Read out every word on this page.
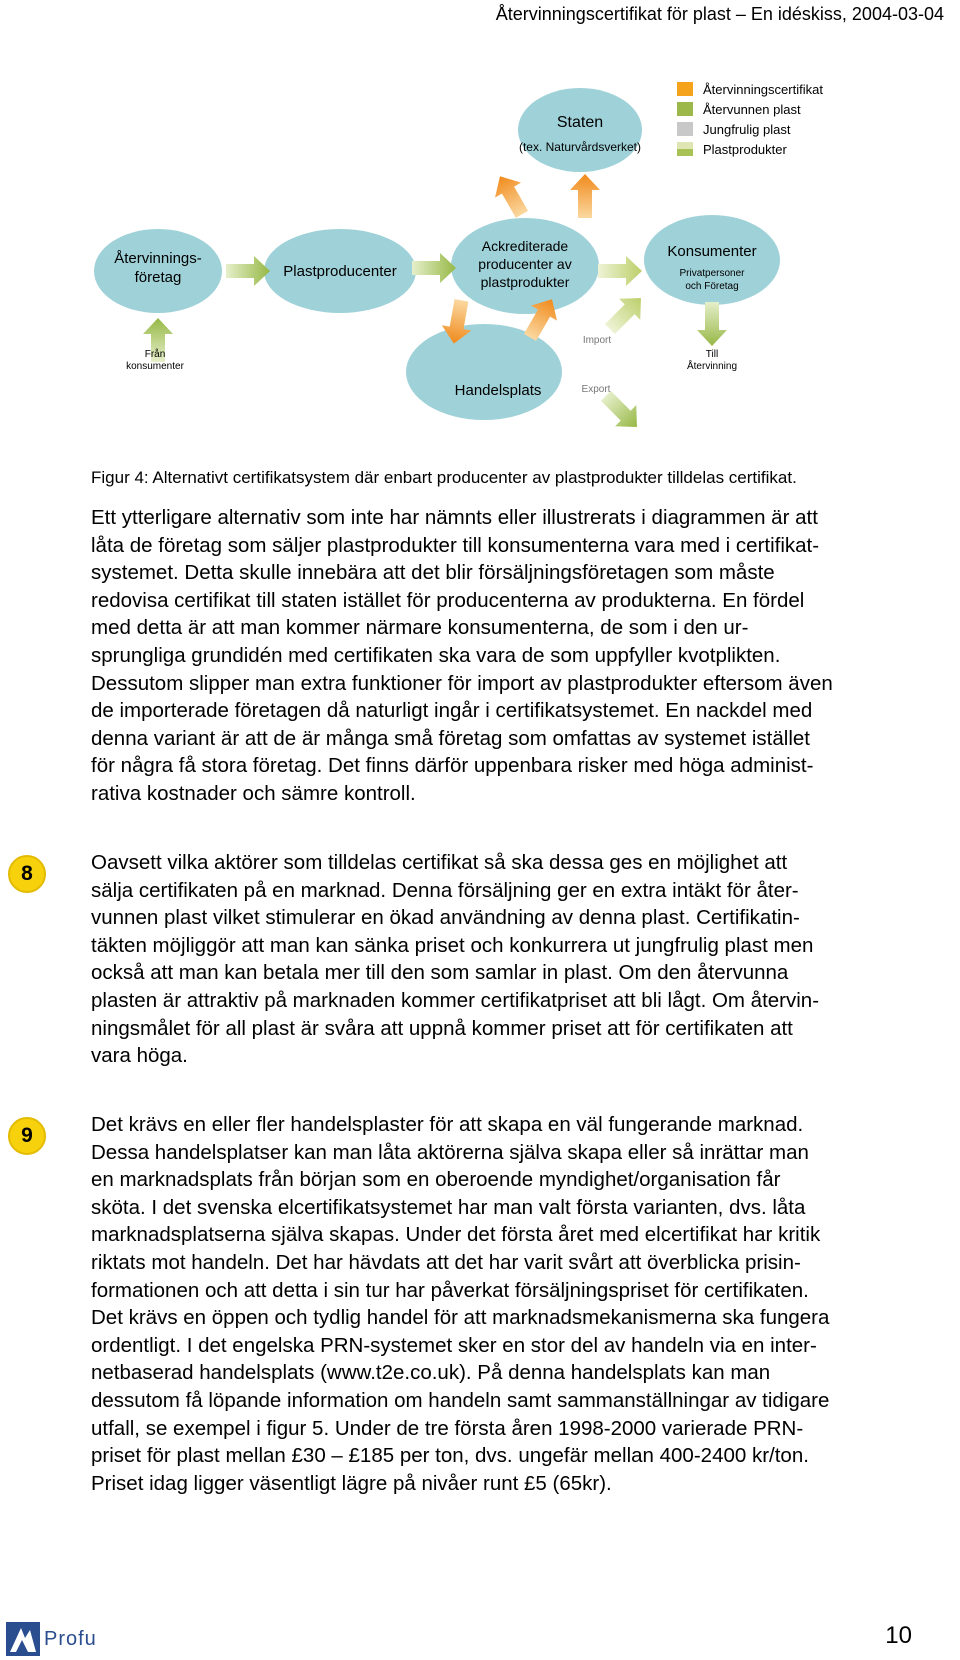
Återvinningscertifikat för plast – En idéskiss, 2004-03-04
Staten
(tex. Naturvårdsverket)
Återvinningscertifikat
Återvunnen plast
Jungfrulig plast
Plastprodukter
Återvinnings-
företag	Plastproducenter
Ackrediterade
producenter av
plastprodukter
Konsumenter
Privatpersoner
och Företag
Handelsplats
Från
konsumenter
Till
Återvinning
Import
Export
Figur 4: Alternativt certifikatsystem där enbart producenter av plastprodukter tilldelas certifikat.

Ett ytterligare alternativ som inte har nämnts eller illustrerats i diagrammen är att

låta de företag som säljer plastprodukter till konsumenterna vara med i certifikat-

systemet. Detta skulle innebära att det blir försäljningsföretagen som måste

redovisa certifikat till staten istället för producenterna av produkterna. En fördel

med detta är att man kommer närmare konsumenterna, de som i den ur-

sprungliga grundidén med certifikaten ska vara de som uppfyller kvotplikten.

Dessutom slipper man extra funktioner för import av plastprodukter eftersom även

de importerade företagen då naturligt ingår i certifikatsystemet. En nackdel med

denna variant är att de är många små företag som omfattas av systemet istället

för några få stora företag. Det finns därför uppenbara risker med höga administ-

rativa kostnader och sämre kontroll.

8	Oavsett vilka aktörer som tilldelas certifikat så ska dessa ges en möjlighet att

sälja certifikaten på en marknad. Denna försäljning ger en extra intäkt för åter-

vunnen plast vilket stimulerar en ökad användning av denna plast. Certifikatin-

täkten möjliggör att man kan sänka priset och konkurrera ut jungfrulig plast men

också att man kan betala mer till den som samlar in plast. Om den återvunna

plasten är attraktiv på marknaden kommer certifikatpriset att bli lågt. Om återvin-

ningsmålet för all plast är svåra att uppnå kommer priset att för certifikaten att

vara höga.

9	Det krävs en eller fler handelsplaster för att skapa en väl fungerande marknad.

Dessa handelsplatser kan man låta aktörerna själva skapa eller så inrättar man

en marknadsplats från början som en oberoende myndighet/organisation får

sköta. I det svenska elcertifikatsystemet har man valt första varianten, dvs. låta

marknadsplatserna själva skapas. Under det första året med elcertifikat har kritik

riktats mot handeln. Det har hävdats att det har varit svårt att överblicka prisin-

formationen och att detta i sin tur har påverkat försäljningspriset för certifikaten.

Det krävs en öppen och tydlig handel för att marknadsmekanismerna ska fungera

ordentligt. I det engelska PRN-systemet sker en stor del av handeln via en inter-

netbaserad handelsplats (www.t2e.co.uk). På denna handelsplats kan man

dessutom få löpande information om handeln samt sammanställningar av tidigare

utfall, se exempel i figur 5. Under de tre första åren 1998-2000 varierade PRN-

priset för plast mellan £30 – £185 per ton, dvs. ungefär mellan 400-2400 kr/ton.

Priset idag ligger väsentligt lägre på nivåer runt £5 (65kr).

Profu	10
